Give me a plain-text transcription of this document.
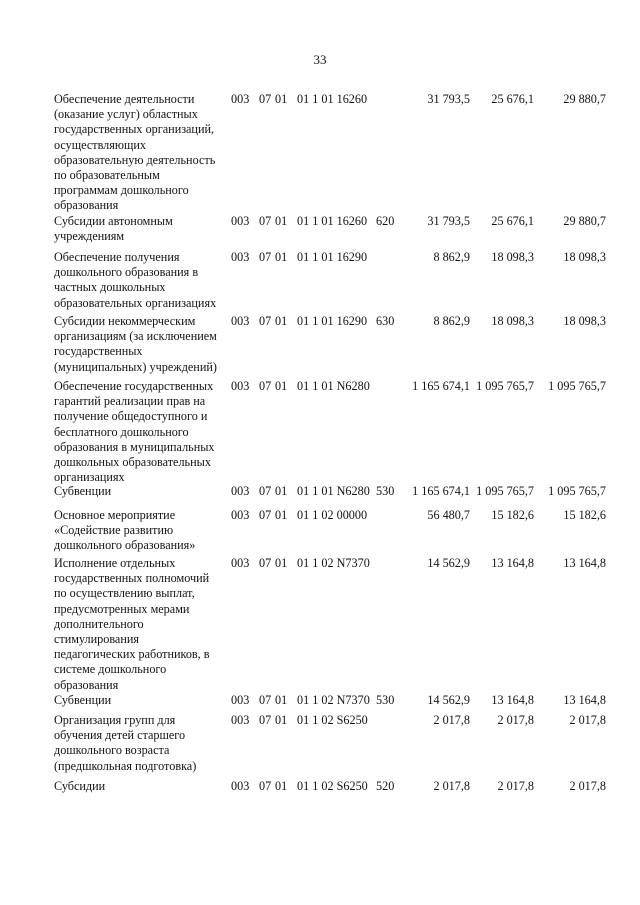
33
Обеспечение деятельности
(оказание услуг) областных
государственных организаций,
осуществляющих
образовательную деятельность
по образовательным
программам дошкольного
образования
003 07 01 01 1 01 16260	31 793,5 25 676,1 29 880,7
Субсидии автономным
учреждениям
003 07 01 01 1 01 16260 620	31 793,5 25 676,1 29 880,7
Обеспечение получения
дошкольного образования в
частных дошкольных
образовательных организациях
003 07 01 01 1 01 16290	8 862,9 18 098,3 18 098,3
Субсидии некоммерческим
организациям (за исключением
государственных
(муниципальных) учреждений)
003 07 01 01 1 01 16290 630	8 862,9 18 098,3 18 098,3
Обеспечение государственных
гарантий реализации прав на
получение общедоступного и
бесплатного дошкольного
образования в муниципальных
дошкольных образовательных
организациях
003 07 01 01 1 01 N6280	1 165 674,1 1 095 765,7 1 095 765,7
Субвенции	003 07 01 01 1 01 N6280 530 1 165 674,1 1 095 765,7 1 095 765,7
Основное мероприятие
«Содействие развитию
дошкольного образования»
003 07 01 01 1 02 00000	56 480,7 15 182,6 15 182,6
Исполнение отдельных
государственных полномочий
по осуществлению выплат,
предусмотренных мерами
дополнительного
стимулирования
педагогических работников, в
системе дошкольного
образования
003 07 01 01 1 02 N7370	14 562,9 13 164,8 13 164,8
Субвенции	003 07 01 01 1 02 N7370 530	14 562,9 13 164,8 13 164,8
Организация групп для
обучения детей старшего
дошкольного возраста
(предшкольная подготовка)
003 07 01 01 1 02 S6250	2 017,8 2 017,8	2 017,8
Субсидии	003 07 01 01 1 02 S6250 520	2 017,8 2 017,8	2 017,8
